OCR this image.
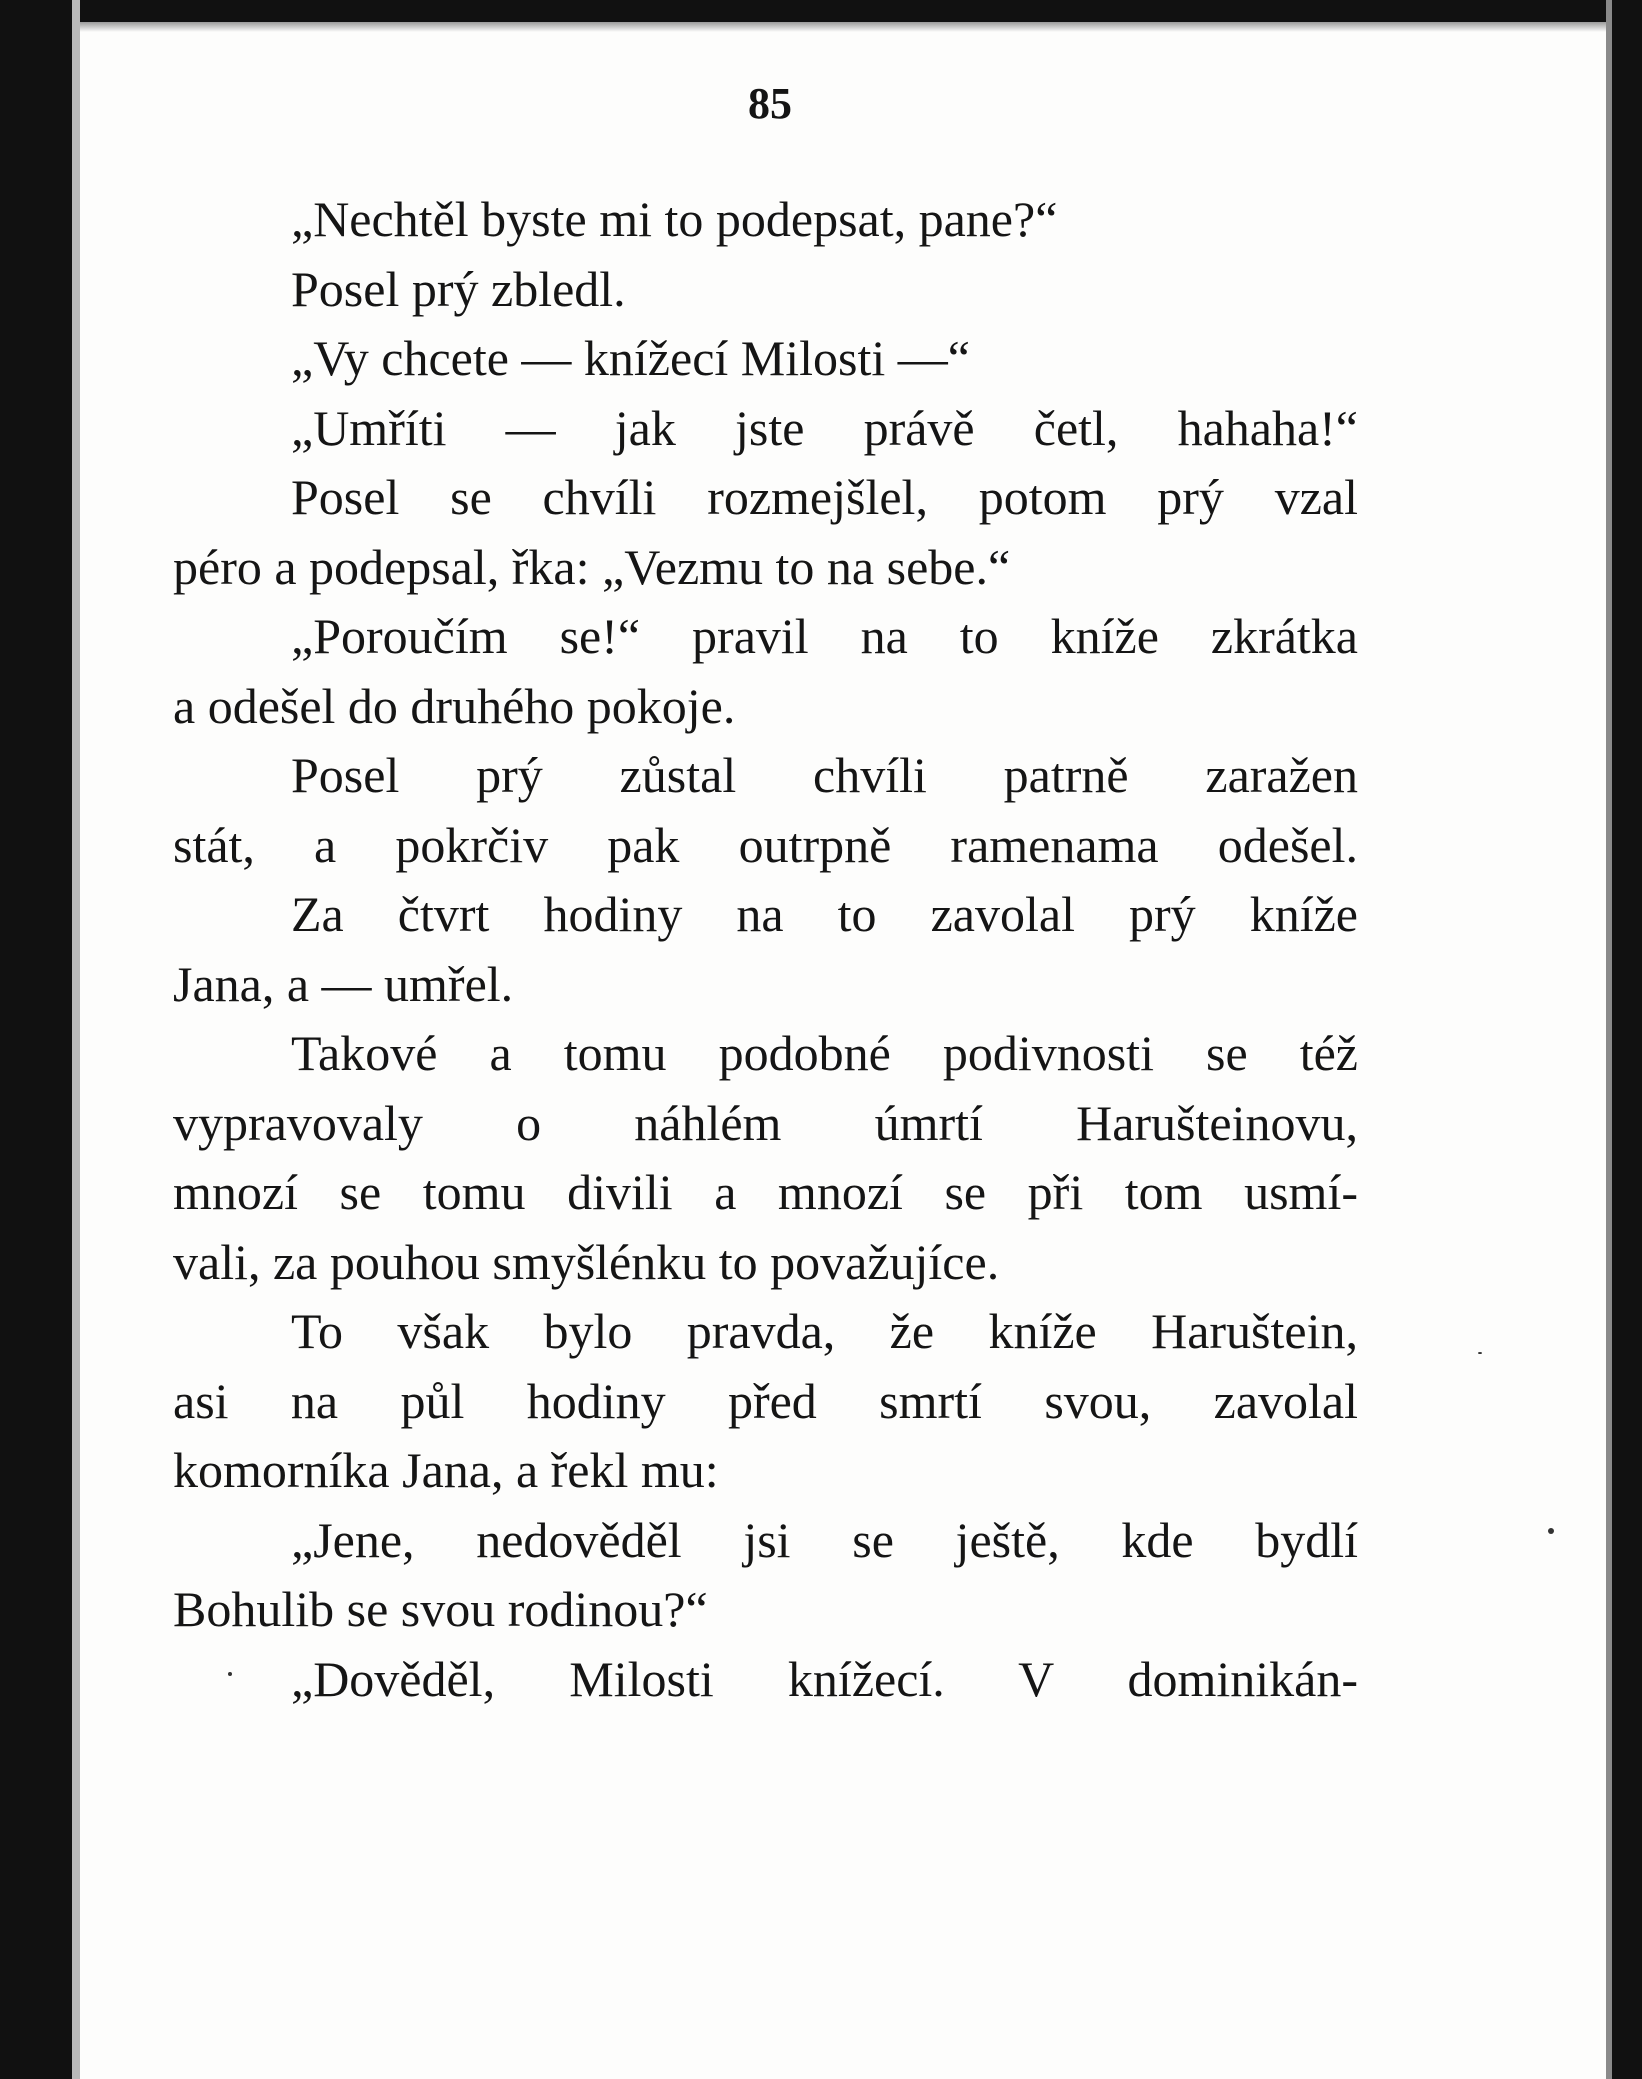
85
„Nechtěl byste mi to podepsat, pane?“
Posel prý zbledl.
„Vy chcete — knížecí Milosti —“
„Umříti — jak jste právě četl, hahaha!“
Posel se chvíli rozmejšlel, potom prý vzal
péro a podepsal, řka: „Vezmu to na sebe.“
„Poroučím se!“ pravil na to kníže zkrátka
a odešel do druhého pokoje.
Posel prý zůstal chvíli patrně zaražen
stát, a pokrčiv pak outrpně ramenama odešel.
Za čtvrt hodiny na to zavolal prý kníže
Jana, a — umřel.
Takové a tomu podobné podivnosti se též
vypravovaly o náhlém úmrtí Harušteinovu,
mnozí se tomu divili a mnozí se při tom usmí-
vali, za pouhou smyšlénku to považujíce.
To však bylo pravda, že kníže Haruštein,
asi na půl hodiny před smrtí svou, zavolal
komorníka Jana, a řekl mu:
„Jene, nedověděl jsi se ještě, kde bydlí
Bohulib se svou rodinou?“
„Dověděl, Milosti knížecí. V dominikán-
